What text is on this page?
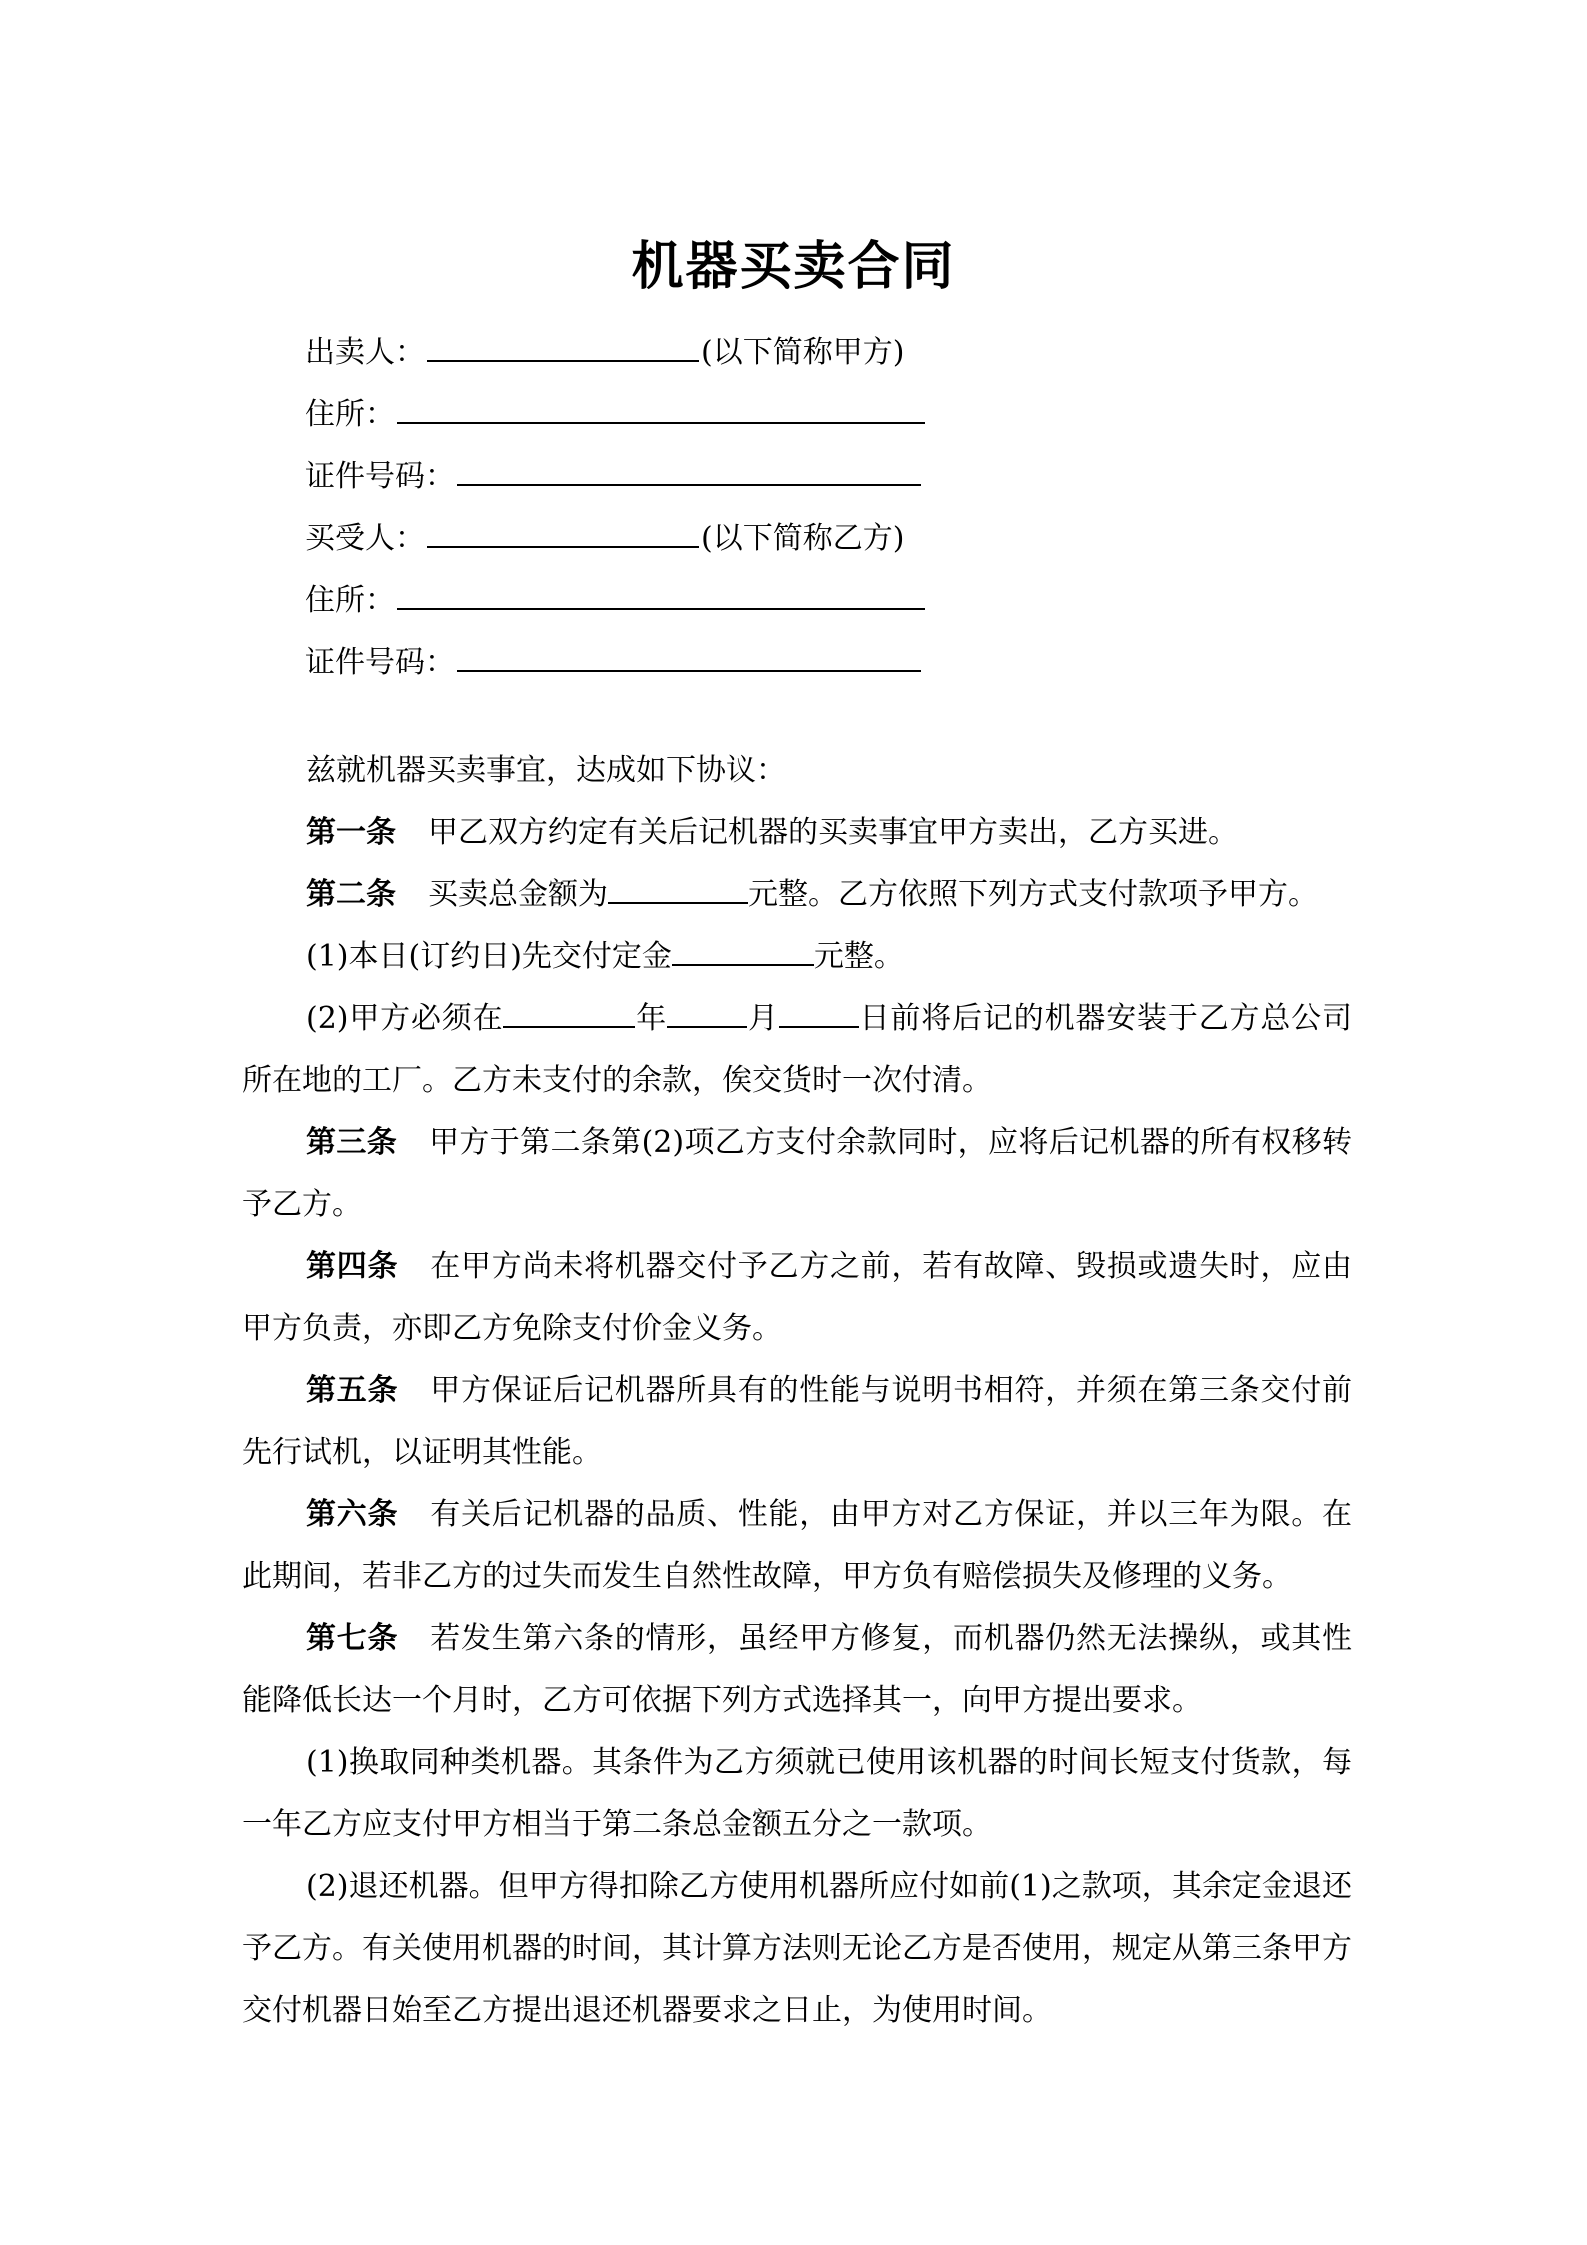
机器买卖合同
出卖人：	(以下简称甲方)
住所：
证件号码：
买受人：	(以下简称乙方)
住所：
证件号码：
兹就机器买卖事宜，达成如下协议：
第一条 甲乙双方约定有关后记机器的买卖事宜甲方卖出，乙方买进。
第二条 买卖总金额为	元整。乙方依照下列方式支付款项予甲方。
(1)本日(订约日)先交付定金	元整。
(2)甲方必须在	年	月	日前将后记的机器安装于乙方总公司所在地的工厂。乙方未支付的余款，俟交货时一次付清。
第三条 甲方于第二条第(2)项乙方支付余款同时，应将后记机器的所有权移转予乙方。
第四条 在甲方尚未将机器交付予乙方之前，若有故障、毁损或遗失时，应由甲方负责，亦即乙方免除支付价金义务。
第五条 甲方保证后记机器所具有的性能与说明书相符，并须在第三条交付前先行试机，以证明其性能。
第六条 有关后记机器的品质、性能，由甲方对乙方保证，并以三年为限。在此期间，若非乙方的过失而发生自然性故障，甲方负有赔偿损失及修理的义务。
第七条 若发生第六条的情形，虽经甲方修复，而机器仍然无法操纵，或其性能降低长达一个月时，乙方可依据下列方式选择其一，向甲方提出要求。
(1)换取同种类机器。其条件为乙方须就已使用该机器的时间长短支付货款，每一年乙方应支付甲方相当于第二条总金额五分之一款项。
(2)退还机器。但甲方得扣除乙方使用机器所应付如前(1)之款项，其余定金退还予乙方。有关使用机器的时间，其计算方法则无论乙方是否使用，规定从第三条甲方交付机器日始至乙方提出退还机器要求之日止，为使用时间。
